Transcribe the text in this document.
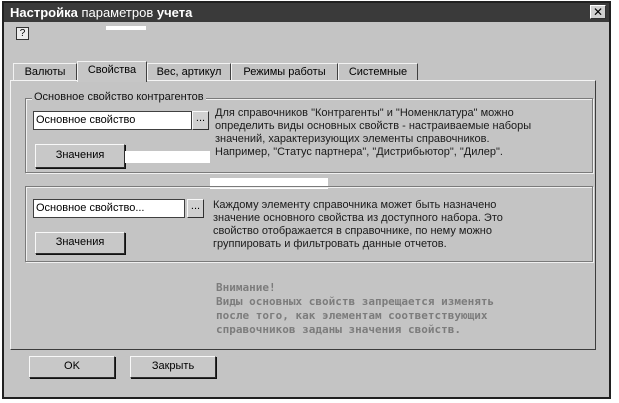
Настройка параметров учета	✕
?
Валюты	Свойства	Вес, артикул	Режимы работы	Системные
Основное свойство контрагентов
Основное свойство	...
Значения
Для справочников "Контрагенты" и "Номенклатура" можно
определить виды основных свойств - настраиваемые наборы
значений, характеризующих элементы справочников.
Например, "Статус партнера", "Дистрибьютор", "Дилер".
Основное свойство...	...
Значения
Каждому элементу справочника может быть назначено
значение основного свойства из доступного набора. Это
свойство отображается в справочнике, по нему можно
группировать и фильтровать данные отчетов.
Внимание!
Виды основных свойств запрещается изменять
после того, как элементам соответствующих
справочников заданы значения свойств.
OK	Закрыть
